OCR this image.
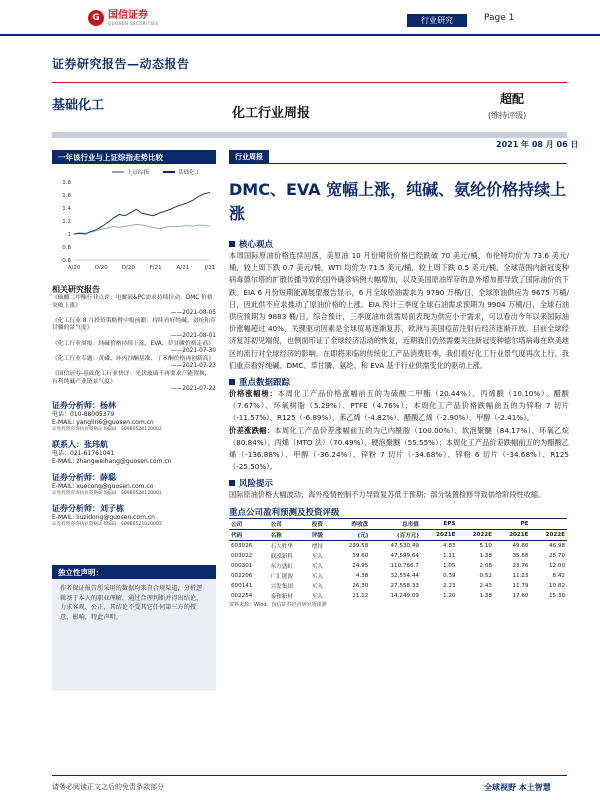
G 国信证券
GUOSEN SECURITIES	行业研究	Page 1
证券研究报告—动态报告
基础化工
化工行业周报
超配
(维持评级)
2021 年 08 月 06 日
一年该行业与上证综指走势比较
上证综指	基础化工
0.6
0.8
1
1.2
1.4
1.6
1.8
A/20	O/20	D/20	F/21	A/21	J/21
相关研究报告
《硫酸二甲酯行业点评：电解液&PC需求持续拉动，DMC 价格突破上涨》
——2021-08-05
《化工行业 8 月投资策略暨中报前瞻：持续看好纯碱、氨纶和草甘膦的景气度》
——2021-08-01
《化工行业周报：纯碱价格持续上涨，EVA、草甘膦价格走高》
——2021-07-30
《化工行业专题：黄磷、环丙沙酮基准、丁苯酮价格再创新高》
——2021-07-23
《国信证券-基础化工行业快评：光伏玻璃不再要求产能置换，有利纯碱产业链景气度》
——2021-07-22
证券分析师：杨林
电话：010-88005379
E-MAIL: yanglin6@guosen.com.cn
证券投资咨询执业资格证书编码：S0980520120002
联系人：张玮航
电话：021-61761041
E-MAIL: zhangweihang@guosen.com.cn
证券分析师：薛聪
E-MAIL: xuecong@guosen.com.cn
证券投资咨询执业资格证书编码：S0980520120001
证券分析师：刘子栋
E-MAIL: liuzidong@guosen.com.cn
证券投资咨询执业资格证书编码：S0980521020002
独立性声明：
作者保证报告所采用的数据均来自合规渠道，分析逻辑基于本人的职业理解，通过合理判断并得出结论，力求客观、公正，其结论不受其它任何第三方的授意、影响，特此声明。
行业周报
DMC、EVA 宽幅上涨，纯碱、氨纶价格持续上涨
核心观点
本周国际原油价格连续回落，美原油 10 月份期货价格已经跌破 70 美元/桶，布伦特均价为 73.6 美元/桶，较上周下跌 0.7 美元/桶，WTI 均价为 71.5 美元/桶，较上周下跌 0.5 美元/桶，全球范围内新冠变种病毒德尔塔的扩散传播导致的国外确诊病例大幅增加，以及美国原油库存的意外增加都导致了国际油价的下跌。EIA 6 月份短期能源展望报告显示，6 月全球原油需求为 9790 万桶/日，全球原油供应为 9675 万桶/日，因此供不应求推动了原油价格的上涨。EIA 预计三季度全球石油需求预期为 9904 万桶/日，全球石油供应预期为 9883 桶/日，综合预计，三季度油市供需局面表现为供应小于需求，可以看出今年以来国际油价涨幅超过 40%，关键驱动因素是全球贸易逐渐复苏，欧洲与美国疫苗注射后经济逐渐开放。目前全球经济复苏初见端倪，也侧面印证了全球经济活动的恢复，近期我们仍然需要关注新冠变种德尔塔病毒在欧美地区的流行对全球经济的影响。在即将来临的传统化工产品消费旺季，我们看好化工行业景气度再次上行，我们重点看好纯碱、DMC、草甘膦、氨纶、和 EVA 基于行业供需变化的驱动上涨。
重点数据跟踪
价格涨幅榜：本周化工产品价格涨幅前五的为硫酸二甲酯（20.44%）、丙烯酸（10.10%）、醋酸（7.67%）、环氧树脂（5.29%）、PTFE（4.76%）；本周化工产品价格跌幅前五的为锌粉 7 切片（-11.57%）、R125（-6.89%）、苯乙烯（-4.82%）、醋酸乙烯（-2.90%）、甲醇（-2.41%）。
价差涨跌幅：本周化工产品价差涨幅前五的为己内酰胺（100.00%）、软泡聚醚（84.17%）、环氧乙烷（80.84%）、丙烯（MTO 法）（70.49%）、硬泡聚醚（55.55%）；本周化工产品价差跌幅前五的为醋酸乙烯（-136.88%）、甲醇（-36.24%）、锌粉 7 切片（-34.68%）、锌粉 6 切片（-34.68%）、R125（-25.50%）。
风险提示
国际原油价格大幅波动；海外疫情控制不力导致复苏低于预期；部分装置检修导致供给阶段性收缩。
重点公司盈利预测及投资评级
公司	公司	投资	昨收盘	总市值	EPS		PE	
代码	名称	评级	(元)	(百万元)	2021E	2022E	2021E	2022E
603026	石大胜华	增持	239.58	47,530.49	4.83	5.10	49.60	46.98
003022	联泓新科	买入	39.60	47,599.64	1.11	1.38	35.68	28.70
000301	东方盛虹	买入	24.95	110,766.7	1.05	2.08	23.76	12.00
002206	广汇能源	买入	4.38	32,554.44	0.39	0.52	11.23	8.42
600141	兴发集团	买入	26.30	27,558.33	2.23	2.43	11.79	10.82
002254	泰和新材	买入	21.12	14,249.09	1.20	1.38	17.60	15.30
资料来源：Wind、国信证券经济研究所预测
请务必阅读正文之后的免责条款部分	全球视野 本土智慧
